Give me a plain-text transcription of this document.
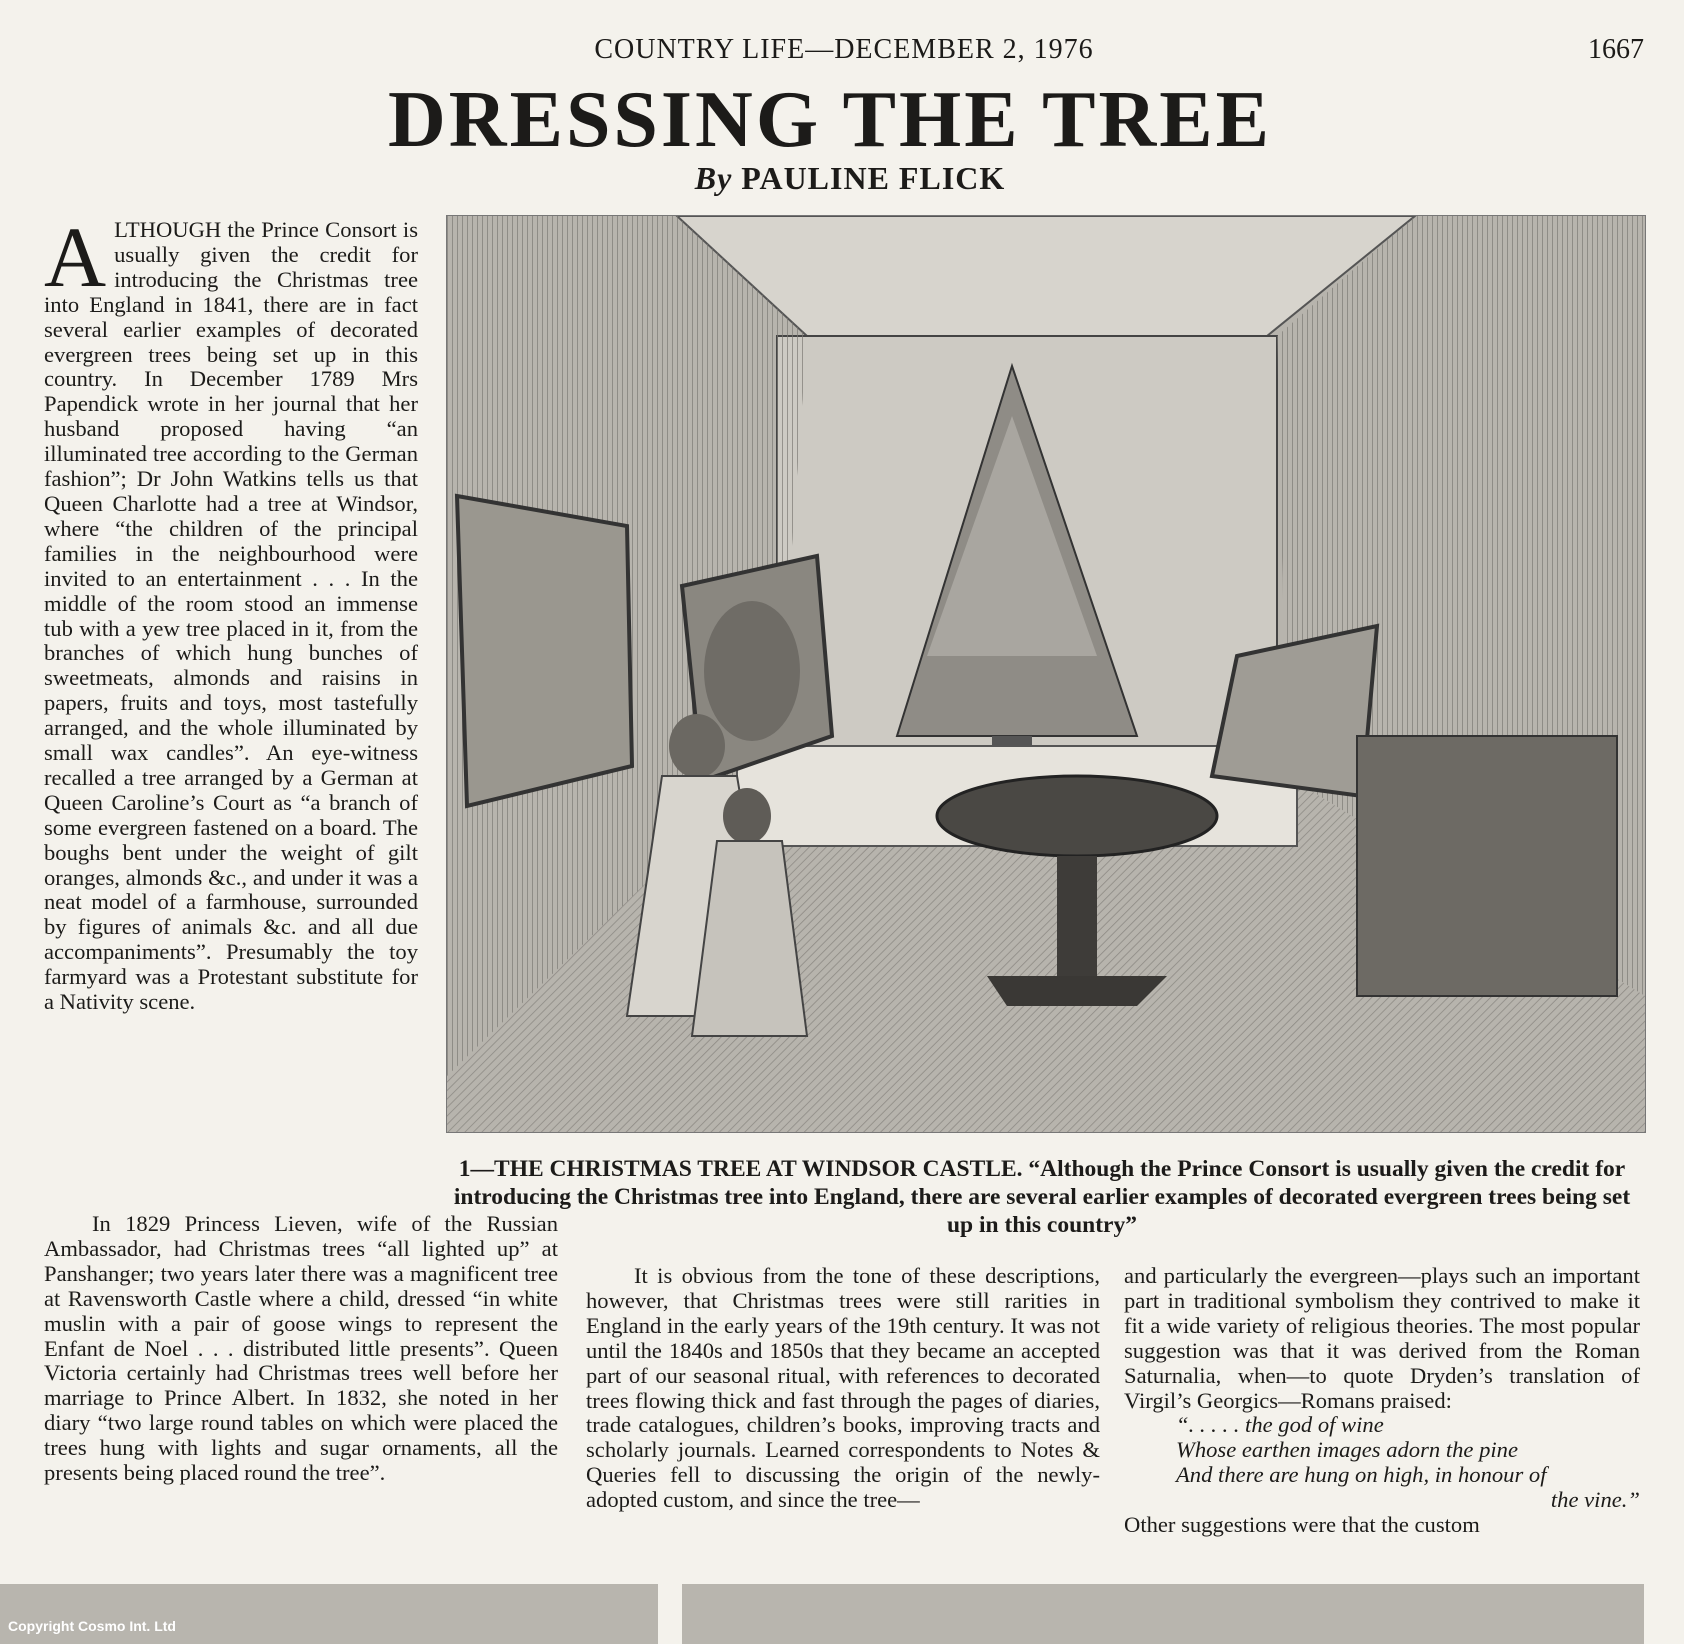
COUNTRY LIFE—DECEMBER 2, 1976	1667
DRESSING THE TREE
By PAULINE FLICK

ALTHOUGH the Prince Consort is usually given the credit for introducing the Christmas tree into England in 1841, there are in fact several earlier examples of decorated evergreen trees being set up in this country. In December 1789 Mrs Papendick wrote in her journal that her husband proposed having “an illuminated tree according to the German fashion”; Dr John Watkins tells us that Queen Charlotte had a tree at Windsor, where “the children of the principal families in the neighbourhood were invited to an entertainment . . . In the middle of the room stood an immense tub with a yew tree placed in it, from the branches of which hung bunches of sweetmeats, almonds and raisins in papers, fruits and toys, most tastefully arranged, and the whole illuminated by small wax candles”. An eye-witness recalled a tree arranged by a German at Queen Caroline’s Court as “a branch of some evergreen fastened on a board. The boughs bent under the weight of gilt oranges, almonds &c., and under it was a neat model of a farmhouse, surrounded by figures of animals &c. and all due accompaniments”. Presumably the toy farmyard was a Protestant substitute for a Nativity scene.

1—THE CHRISTMAS TREE AT WINDSOR CASTLE. “Although the Prince Consort is usually given the credit for introducing the Christmas tree into England, there are several earlier examples of decorated evergreen trees being set up in this country”

In 1829 Princess Lieven, wife of the Russian Ambassador, had Christmas trees “all lighted up” at Panshanger; two years later there was a magnificent tree at Ravensworth Castle where a child, dressed “in white muslin with a pair of goose wings to represent the Enfant de Noel . . . distributed little presents”. Queen Victoria certainly had Christmas trees well before her marriage to Prince Albert. In 1832, she noted in her diary “two large round tables on which were placed the trees hung with lights and sugar ornaments, all the presents being placed round the tree”.

It is obvious from the tone of these descriptions, however, that Christmas trees were still rarities in England in the early years of the 19th century. It was not until the 1840s and 1850s that they became an accepted part of our seasonal ritual, with references to decorated trees flowing thick and fast through the pages of diaries, trade catalogues, children’s books, improving tracts and scholarly journals. Learned correspondents to Notes & Queries fell to discussing the origin of the newly-adopted custom, and since the tree—

and particularly the evergreen—plays such an important part in traditional symbolism they contrived to make it fit a wide variety of religious theories. The most popular suggestion was that it was derived from the Roman Saturnalia, when—to quote Dryden’s translation of Virgil’s Georgics—Romans praised:

“. . . . . the god of wine
Whose earthen images adorn the pine
And there are hung on high, in honour of
the vine.”

Other suggestions were that the custom

Copyright Cosmo Int. Ltd
